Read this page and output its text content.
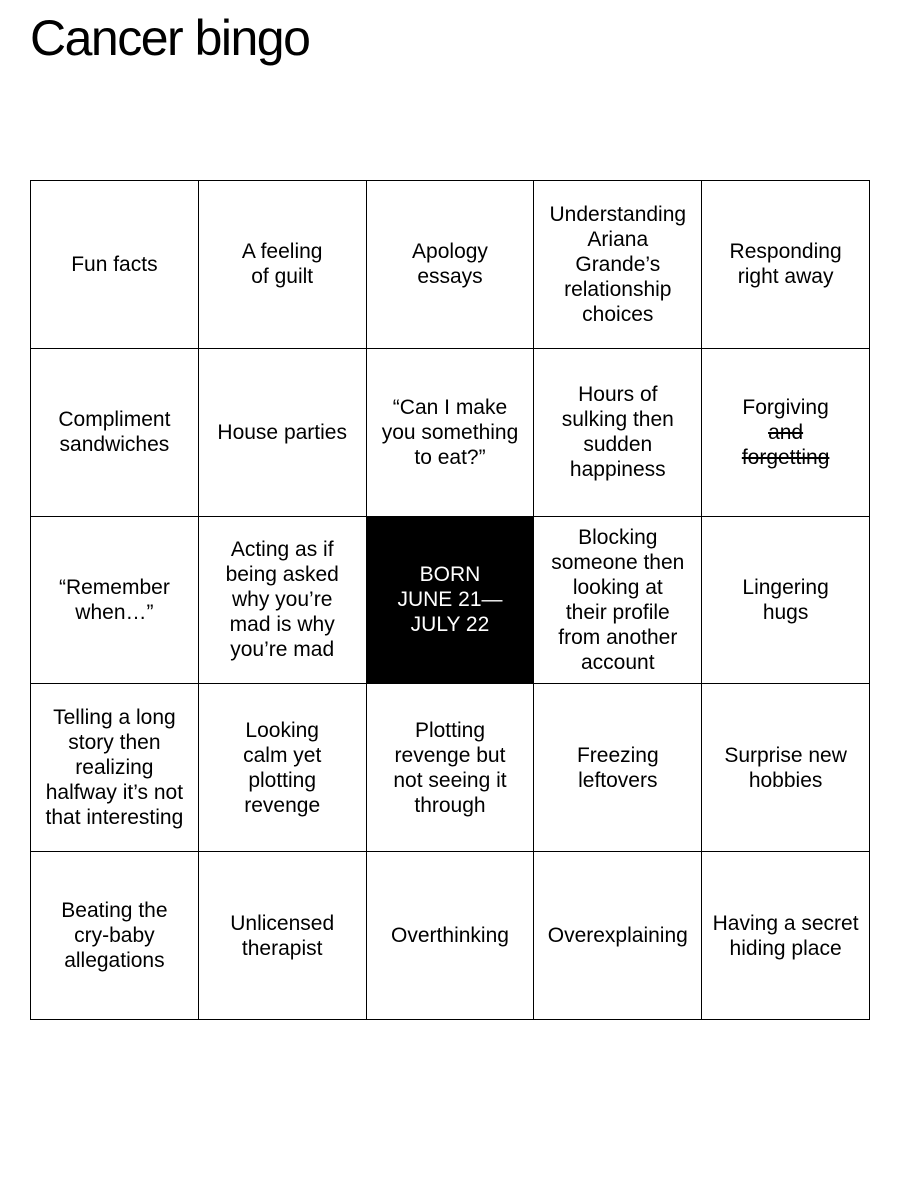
Cancer bingo
Fun facts
A feeling
of guilt
Apology
essays
Understanding
Ariana
Grande’s
relationship
choices
Responding
right away
Compliment
sandwiches
House parties
“Can I make
you something
to eat?”
Hours of
sulking then
sudden
happiness
Forgiving
and
forgetting
“Remember
when…”
Acting as if
being asked
why you’re
mad is why
you’re mad
BORN
JUNE 21—
JULY 22
Blocking
someone then
looking at
their profile
from another
account
Lingering
hugs
Telling a long
story then
realizing
halfway it’s not
that interesting
Looking
calm yet
plotting
revenge
Plotting
revenge but
not seeing it
through
Freezing
leftovers
Surprise new
hobbies
Beating the
cry-baby
allegations
Unlicensed
therapist
Overthinking Overexplaining
Having a secret
hiding place
